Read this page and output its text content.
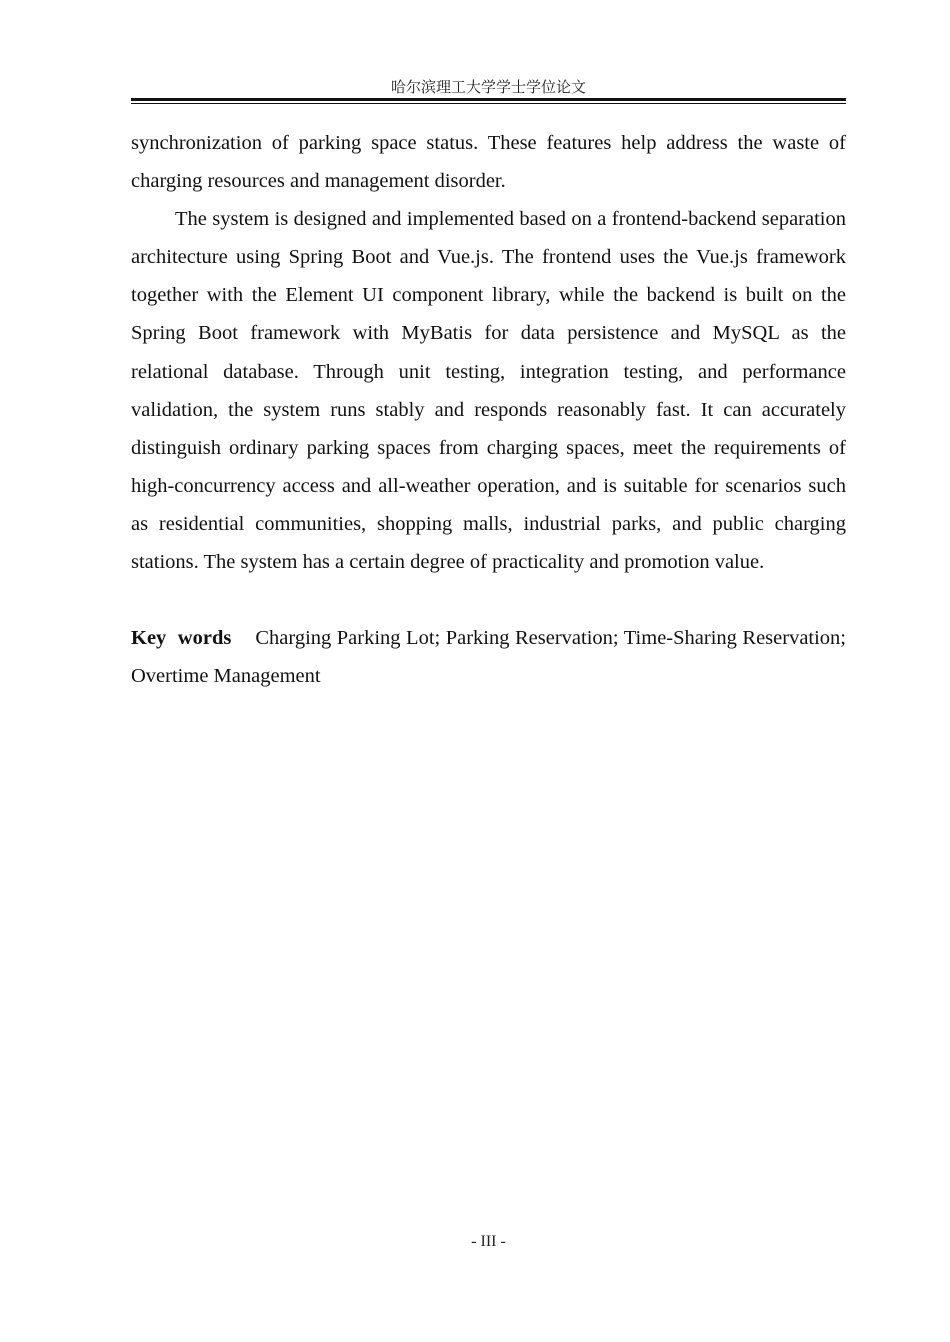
哈尔滨理工大学学士学位论文

synchronization of parking space status. These features help address the waste of charging resources and management disorder.

The system is designed and implemented based on a frontend-backend separation architecture using Spring Boot and Vue.js. The frontend uses the Vue.js framework together with the Element UI component library, while the backend is built on the Spring Boot framework with MyBatis for data persistence and MySQL as the relational database. Through unit testing, integration testing, and performance validation, the system runs stably and responds reasonably fast. It can accurately distinguish ordinary parking spaces from charging spaces, meet the requirements of high-concurrency access and all-weather operation, and is suitable for scenarios such as residential communities, shopping malls, industrial parks, and public charging stations. The system has a certain degree of practicality and promotion value.

Key words Charging Parking Lot; Parking Reservation; Time-Sharing Reservation; Overtime Management

- III -
